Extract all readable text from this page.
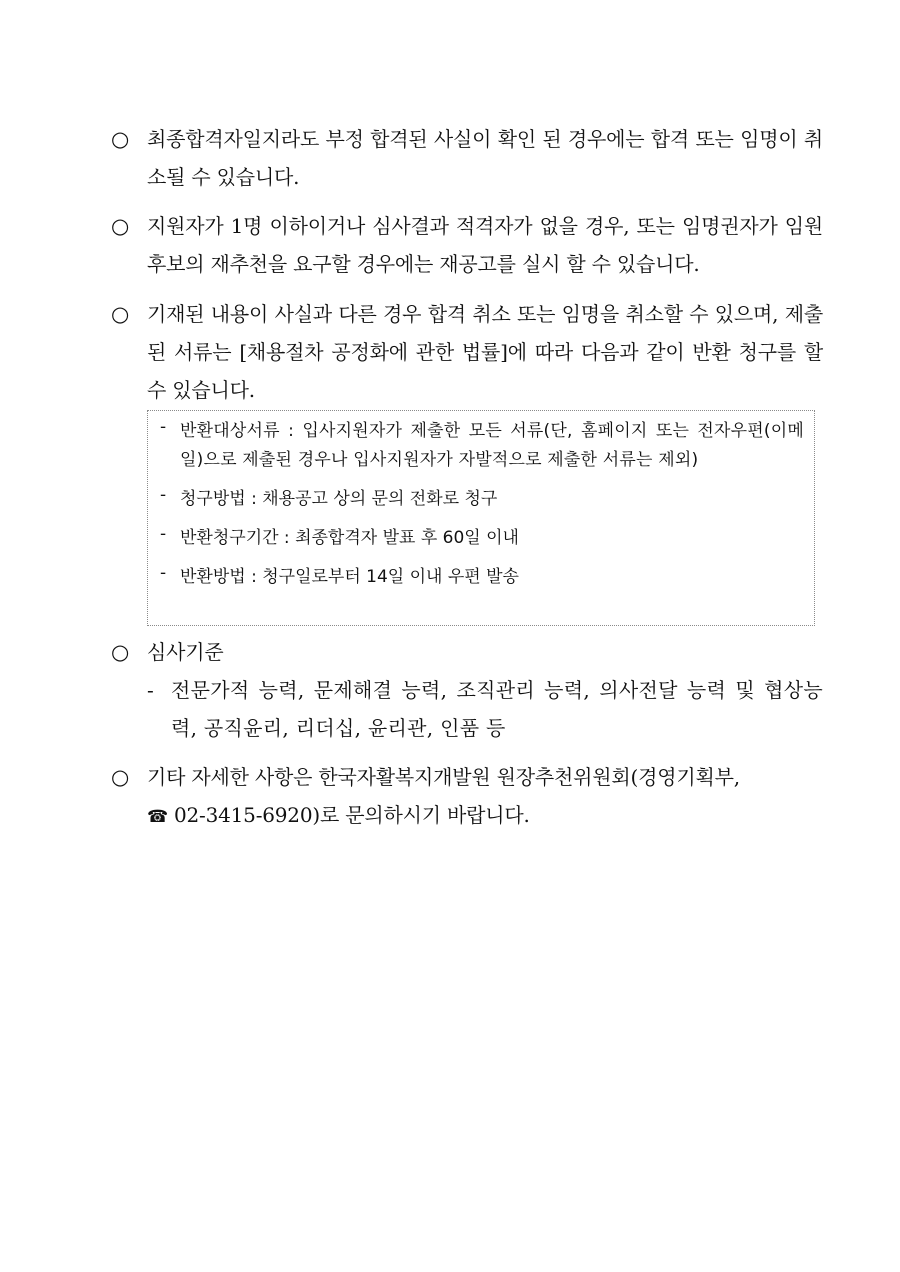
○ 최종합격자일지라도 부정 합격된 사실이 확인 된 경우에는 합격 또는 임명이 취소될 수 있습니다.

○ 지원자가 1명 이하이거나 심사결과 적격자가 없을 경우, 또는 임명권자가 임원 후보의 재추천을 요구할 경우에는 재공고를 실시 할 수 있습니다.

○ 기재된 내용이 사실과 다른 경우 합격 취소 또는 임명을 취소할 수 있으며, 제출된 서류는 [채용절차 공정화에 관한 법률]에 따라 다음과 같이 반환 청구를 할 수 있습니다.

- 반환대상서류 : 입사지원자가 제출한 모든 서류(단, 홈페이지 또는 전자우편(이메일)으로 제출된 경우나 입사지원자가 자발적으로 제출한 서류는 제외)
- 청구방법 : 채용공고 상의 문의 전화로 청구
- 반환청구기간 : 최종합격자 발표 후 60일 이내
- 반환방법 : 청구일로부터 14일 이내 우편 발송
○ 심사기준

- 전문가적 능력, 문제해결 능력, 조직관리 능력, 의사전달 능력 및 협상능력, 공직윤리, 리더십, 윤리관, 인품 등
○ 기타 자세한 사항은 한국자활복지개발원 원장추천위원회(경영기획부,
☎ 02-3415-6920)로 문의하시기 바랍니다.
